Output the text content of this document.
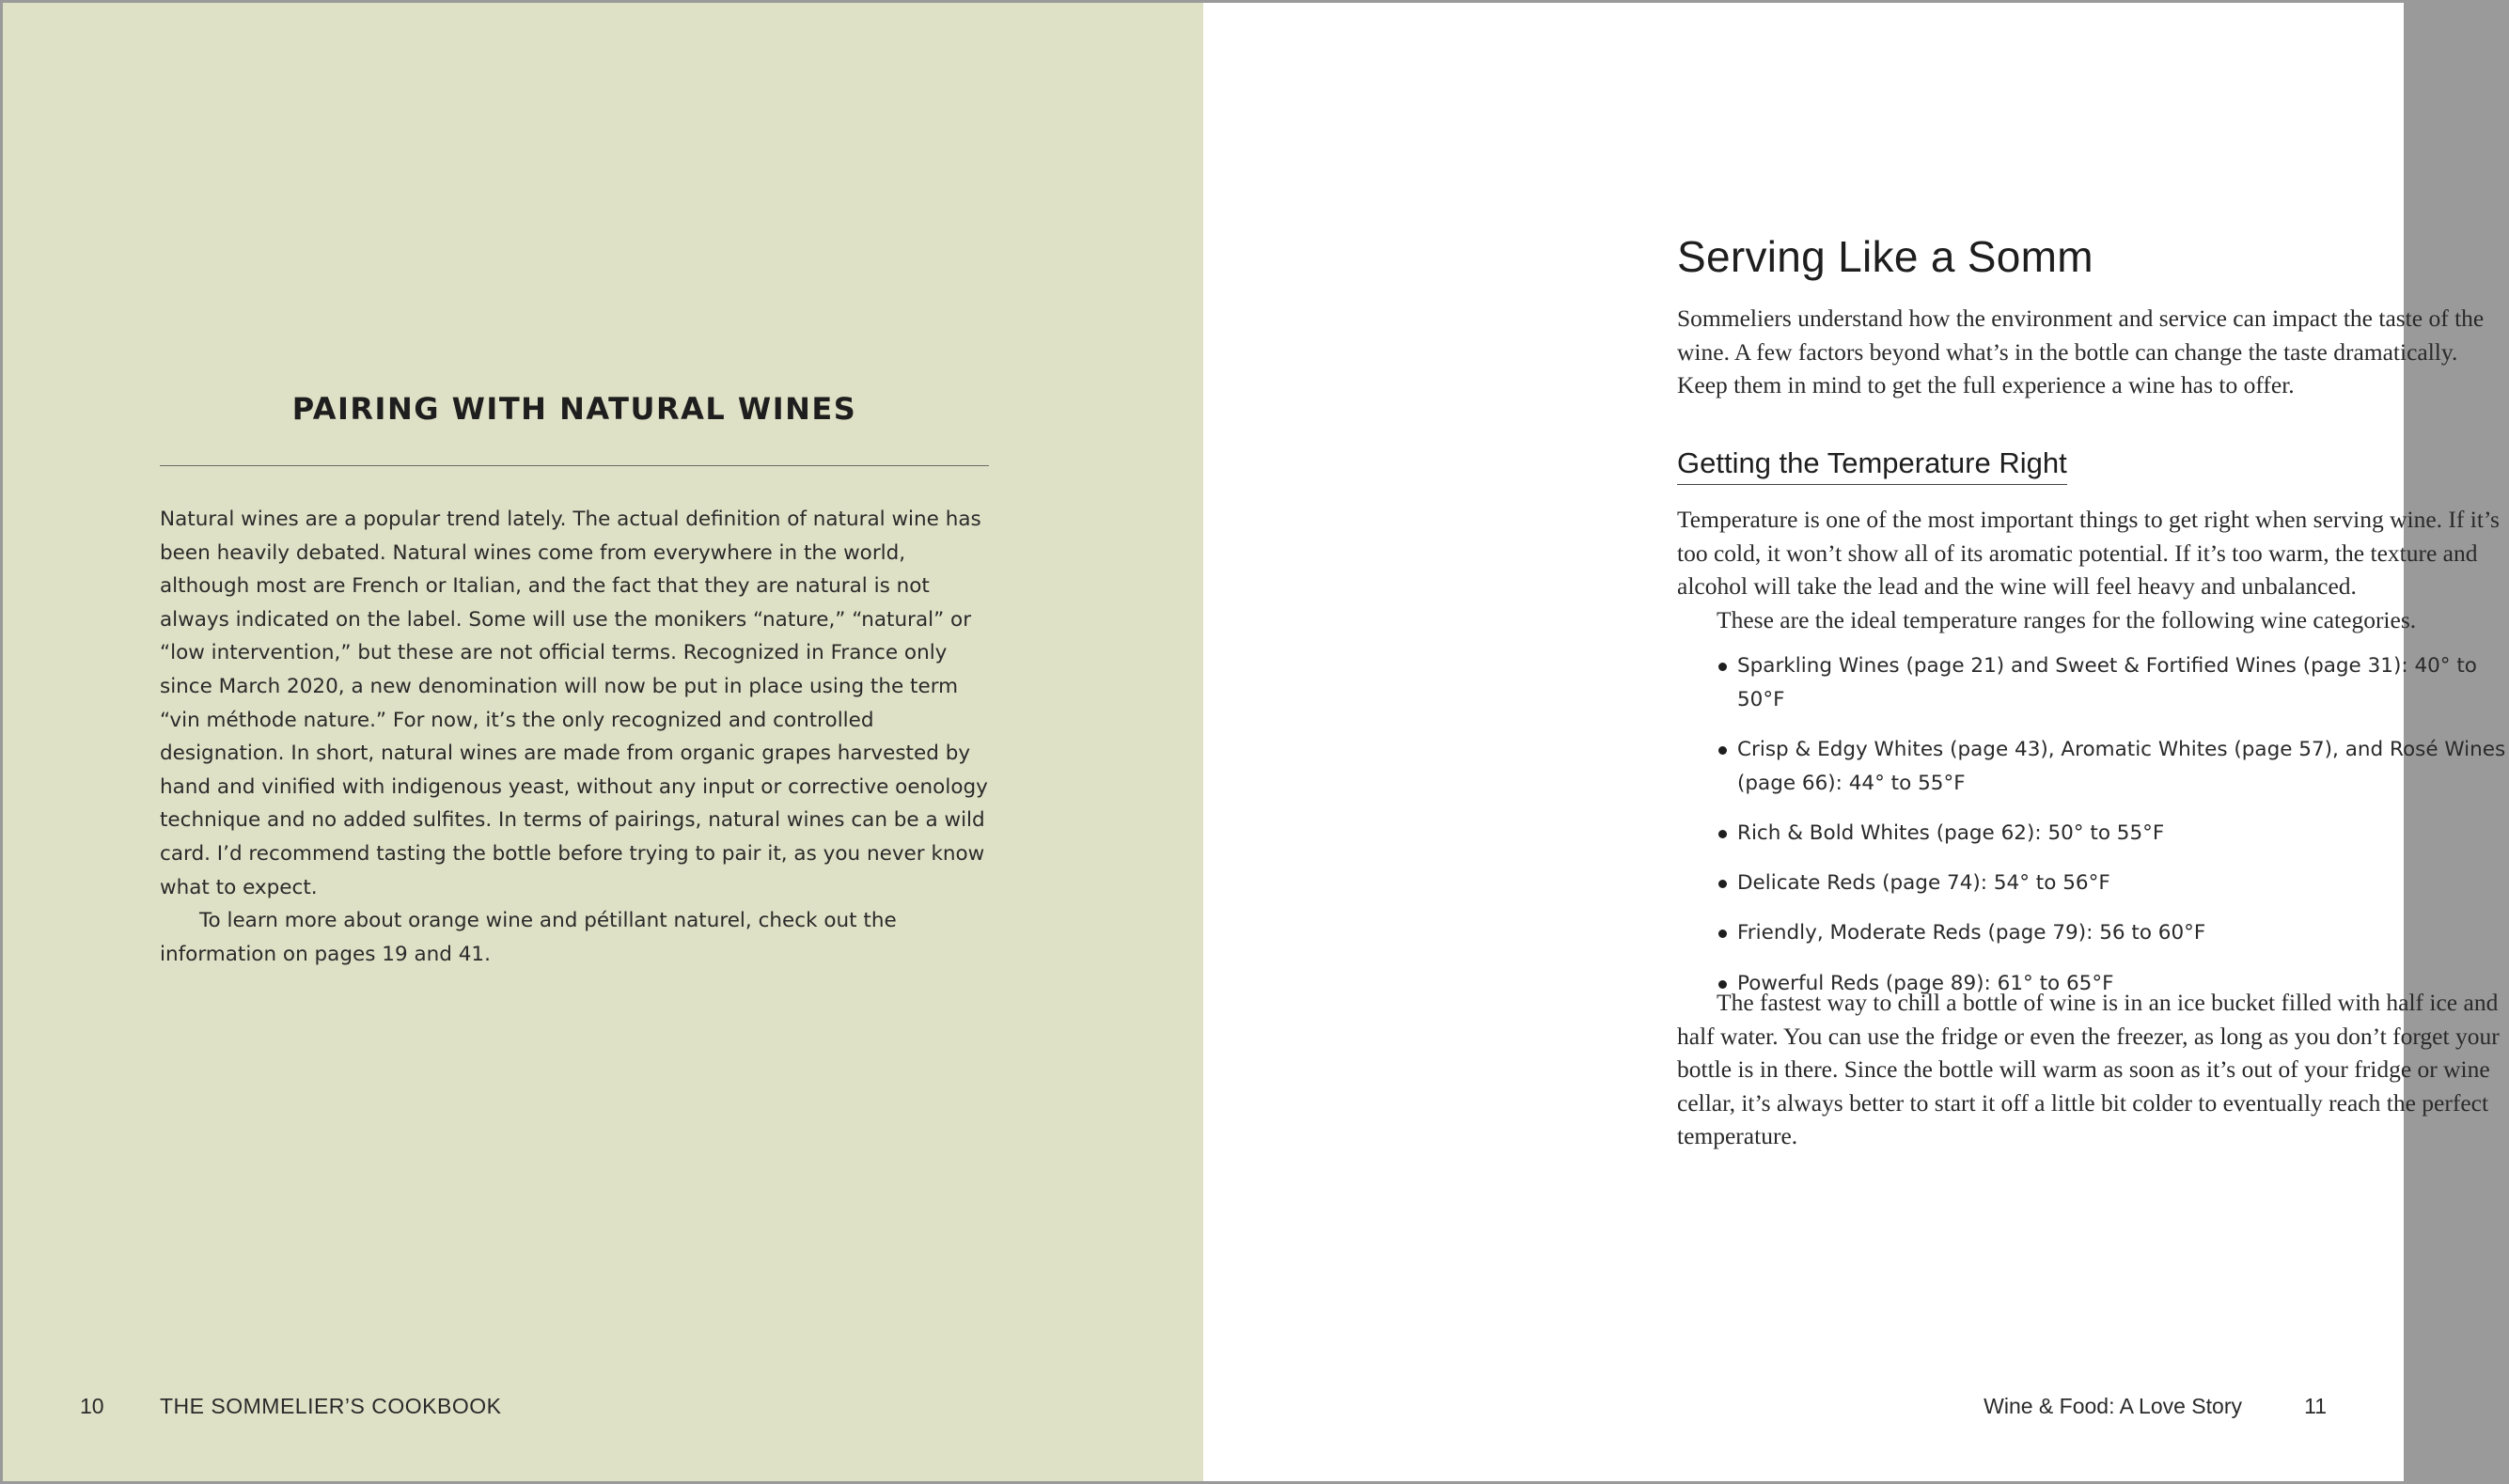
PAIRING WITH NATURAL WINES

Natural wines are a popular trend lately. The actual definition of natural wine has been heavily debated. Natural wines come from everywhere in the world, although most are French or Italian, and the fact that they are natural is not always indicated on the label. Some will use the monikers “nature,” “natural” or “low intervention,” but these are not official terms. Recognized in France only since March 2020, a new denomination will now be put in place using the term “vin méthode nature.” For now, it’s the only recognized and controlled designation. In short, natural wines are made from organic grapes harvested by hand and vinified with indigenous yeast, without any input or corrective oenology technique and no added sulfites. In terms of pairings, natural wines can be a wild card. I’d recommend tasting the bottle before trying to pair it, as you never know what to expect.

To learn more about orange wine and pétillant naturel, check out the information on pages 19 and 41.

10	THE SOMMELIER’S COOKBOOK
Serving Like a Somm

Sommeliers understand how the environment and service can impact the taste of the wine. A few factors beyond what’s in the bottle can change the taste dramatically. Keep them in mind to get the full experience a wine has to offer.

Getting the Temperature Right

Temperature is one of the most important things to get right when serving wine. If it’s too cold, it won’t show all of its aromatic potential. If it’s too warm, the texture and alcohol will take the lead and the wine will feel heavy and unbalanced.

These are the ideal temperature ranges for the following wine categories.

Sparkling Wines (page 21) and Sweet & Fortified Wines (page 31): 40° to 50°F
Crisp & Edgy Whites (page 43), Aromatic Whites (page 57), and Rosé Wines (page 66): 44° to 55°F
Rich & Bold Whites (page 62): 50° to 55°F
Delicate Reds (page 74): 54° to 56°F
Friendly, Moderate Reds (page 79): 56 to 60°F
Powerful Reds (page 89): 61° to 65°F

The fastest way to chill a bottle of wine is in an ice bucket filled with half ice and half water. You can use the fridge or even the freezer, as long as you don’t forget your bottle is in there. Since the bottle will warm as soon as it’s out of your fridge or wine cellar, it’s always better to start it off a little bit colder to eventually reach the perfect temperature.

Wine & Food: A Love Story	11
